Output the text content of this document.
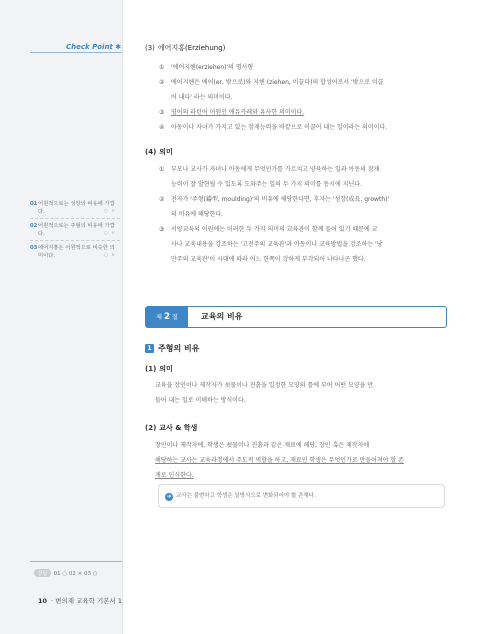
Check Point ✱
01 어원적으로는 성장의 비유에 가깝다.	○ ×
02 어원적으로는 주형의 비유에 가깝다.	○ ×
03 에어지홍은 어원적으로 비슷한 의미이다.	○ ×
정답 01 ○ 02 × 03 ○
10 · 변의재 교육학 기본서 1
(3) 에어지홍(Erziehung)
① '에어지헨(erziehen)'의 명사형
② 에어지헨은 에어(er, 밖으로)와 지헨 (ziehen, 이끌다)의 합성어로서 '밖으로 이끌
어 내다' 라는 의미이다.
③ 영어의 라틴어 어원인 에듀카레와 유사한 의미이다.
④ 아동이나 자녀가 가지고 있는 잠재능력을 바깥으로 이끌어 내는 일이라는 의미이다.
(4) 의미
① 부모나 교사가 자녀나 아동에게 무엇인가를 가르치고 양육하는 일과 아동의 잠재
능력이 잘 발현될 수 있도록 도와주는 일의 두 가지 의미를 동시에 지닌다.
② 전자가 '주형(鑄型, moulding)'의 비유에 해당한다면, 후자는 '성장(成長, growth)'
의 비유에 해당한다.
③ 서양교육의 어원에는 이러한 두 가지 의미의 교육관이 함께 들어 있기 때문에 교
사나 교육내용을 강조하는 '고전주의 교육관'과 아동이나 교육방법을 강조하는 '낭
만주의 교육관'이 시대에 따라 어느 한쪽이 강하게 부각되어 나타나곤 했다.
제 2 절	교육의 비유
1 주형의 비유
(1) 의미
교육을 장인이나 제작자가 쇳물이나 진흙을 일정한 모양의 틀에 부어 어떤 모양을 만
들어 내는 일로 이해하는 방식이다.
(2) 교사 & 학생
장인이나 제작자에, 학생은 쇳물이나 진흙과 같은 재료에 해당, 장인 혹은 제작자에
해당하는 교사는 교육과정에서 주도적 역할을 하고, 재료인 학생은 무엇인가로 만들어져야 할 존
재로 인식한다.
➜ 교사는 불변하고 학생은 일방식으로 변화되어야 할 존재다.
